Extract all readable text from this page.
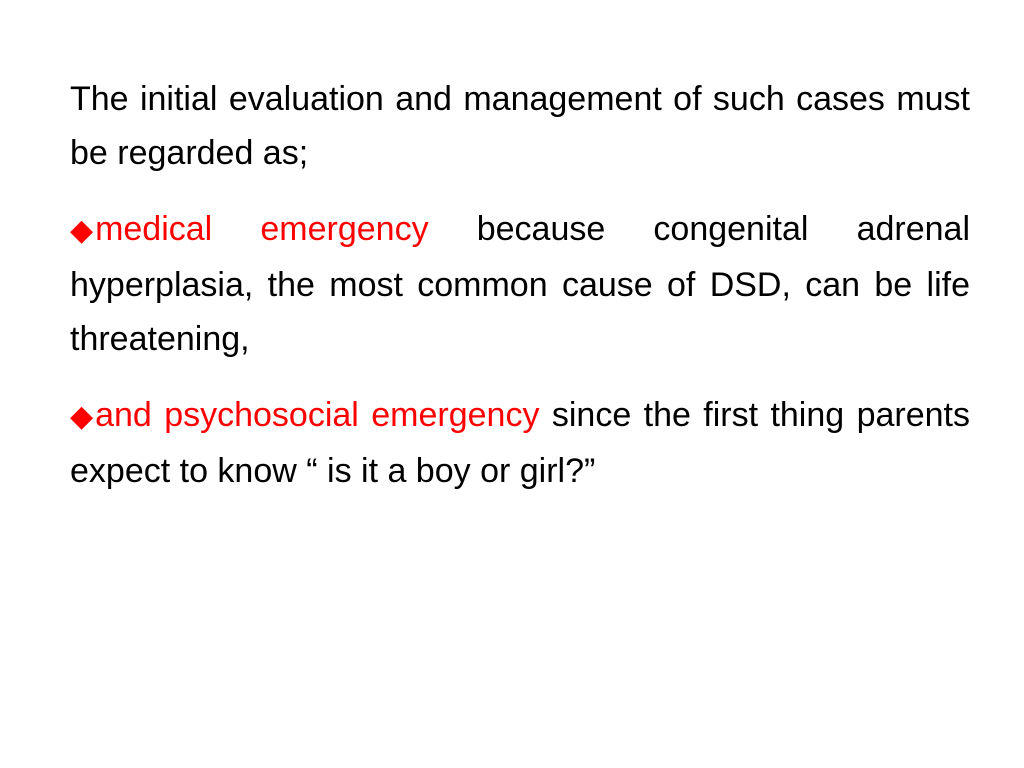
The initial evaluation and management of such cases must be regarded as;

◆medical emergency because congenital adrenal hyperplasia, the most common cause of DSD, can be life threatening,

◆and psychosocial emergency since the first thing parents expect to know “ is it a boy or girl?”
